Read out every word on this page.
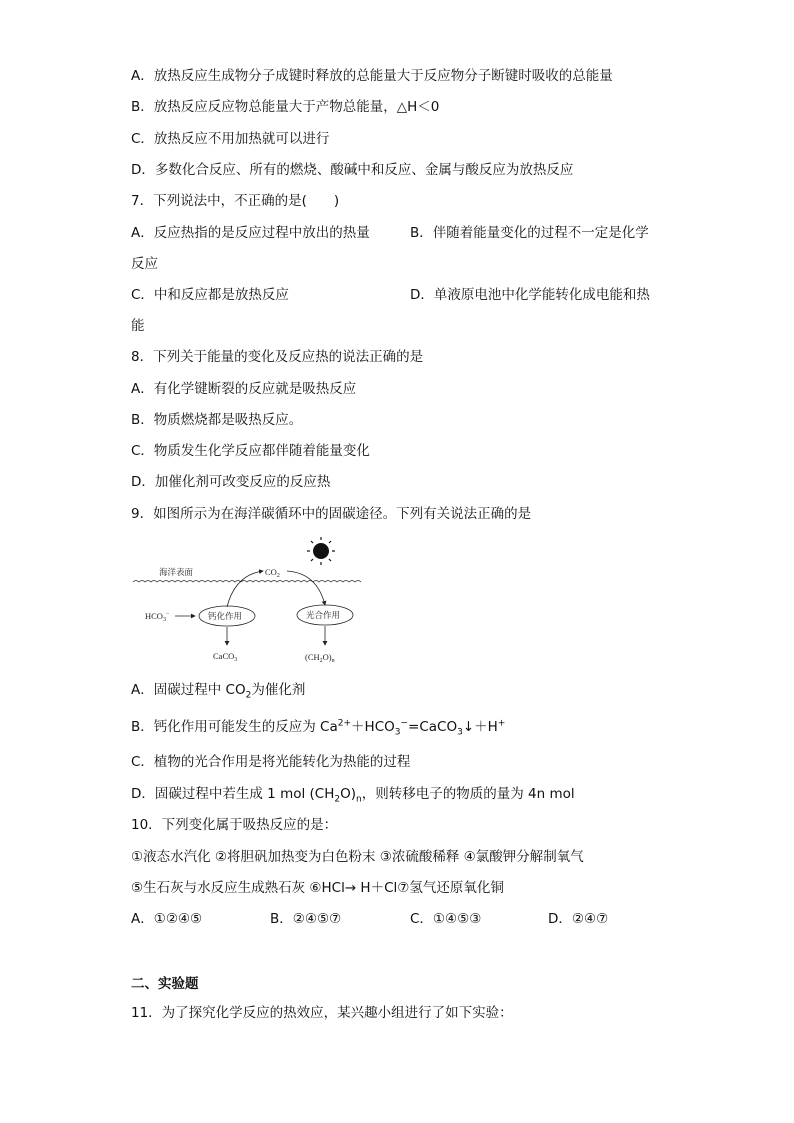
A．放热反应生成物分子成键时释放的总能量大于反应物分子断键时吸收的总能量
B．放热反应反应物总能量大于产物总能量，△H＜0
C．放热反应不用加热就可以进行
D．多数化合反应、所有的燃烧、酸碱中和反应、金属与酸反应为放热反应
7．下列说法中，不正确的是(　　)
A．反应热指的是反应过程中放出的热量	B．伴随着能量变化的过程不一定是化学
反应
C．中和反应都是放热反应	D．单液原电池中化学能转化成电能和热
能
8．下列关于能量的变化及反应热的说法正确的是
A．有化学键断裂的反应就是吸热反应
B．物质燃烧都是吸热反应。
C．物质发生化学反应都伴随着能量变化
D．加催化剂可改变反应的反应热
9．如图所示为在海洋碳循环中的固碳途径。下列有关说法正确的是
海洋表面	$CO_2$
$HCO_3^-$	钙化作用	光合作用
CaCO$_3$	$(CH_2O)_n$
A．固碳过程中 $CO_2$为催化剂
B．钙化作用可能发生的反应为 $Ca^{2+}+HCO_3^-=CaCO_3↓+H^+$
C．植物的光合作用是将光能转化为热能的过程
D．固碳过程中若生成 1 mol $(CH_2O)_n$，则转移电子的物质的量为 4n mol
10．下列变化属于吸热反应的是：
①液态水汽化 ②将胆矾加热变为白色粉末 ③浓硫酸稀释 ④氯酸钾分解制氧气
⑤生石灰与水反应生成熟石灰 ⑥HCl→ H＋Cl⑦氢气还原氧化铜
A．①②④⑤	B．②④⑤⑦	C．①④⑤③	D．②④⑦
二、实验题
11．为了探究化学反应的热效应，某兴趣小组进行了如下实验：
